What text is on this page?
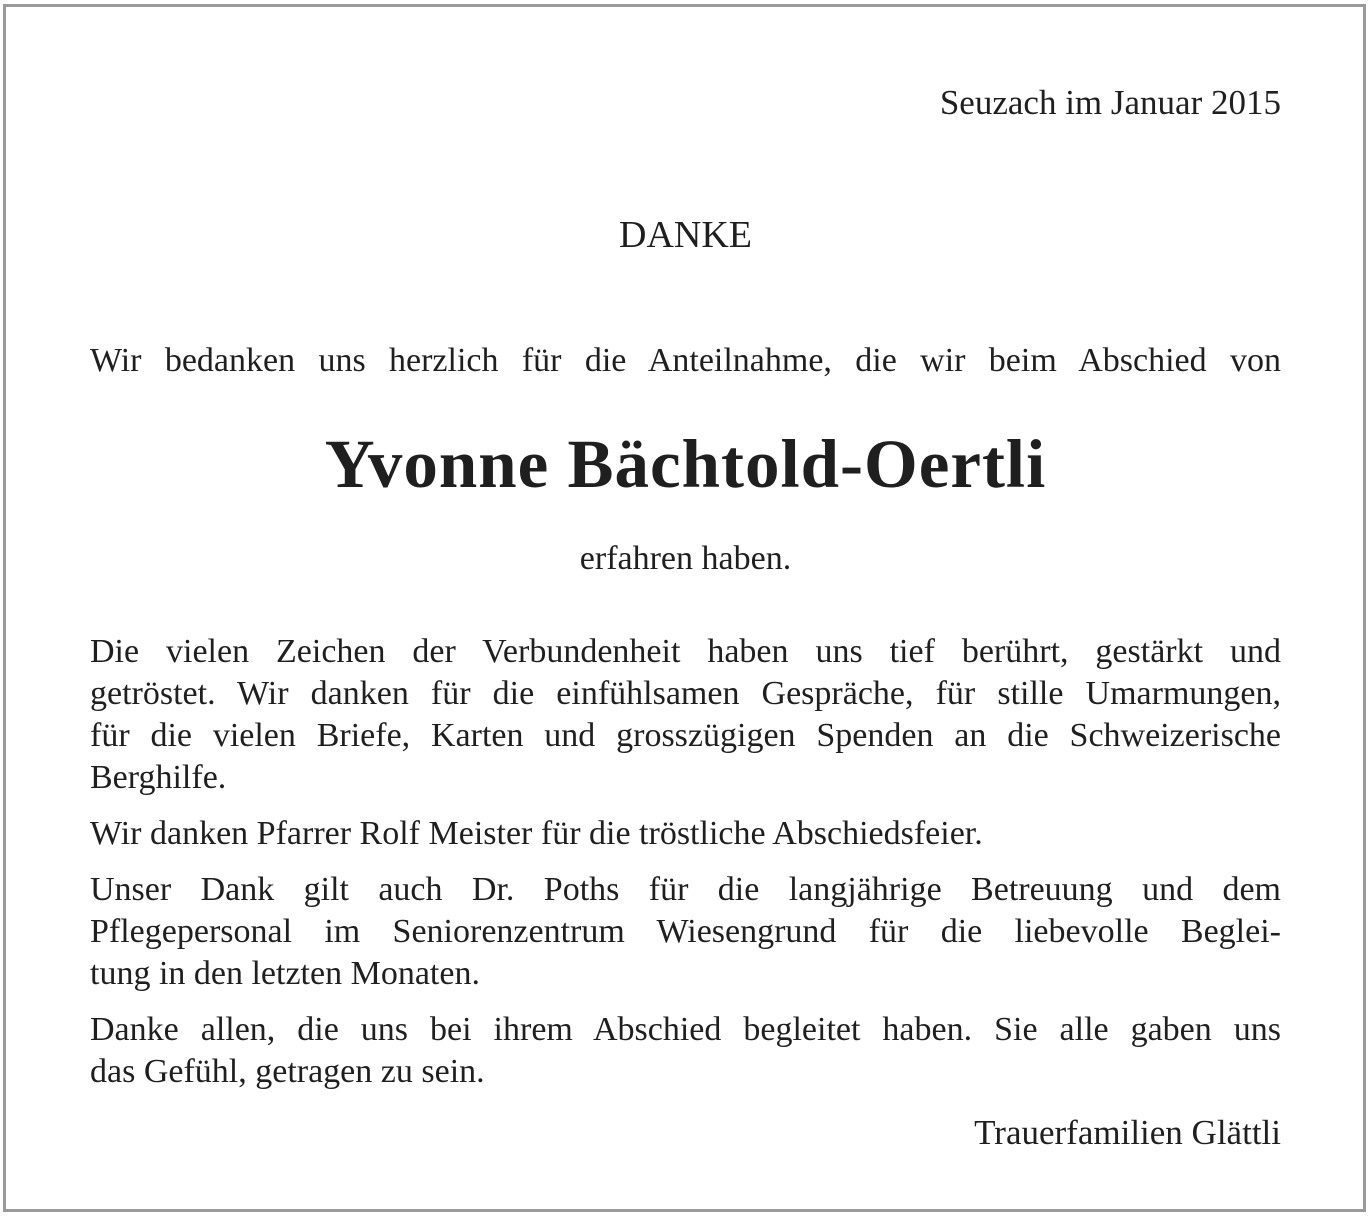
Seuzach im Januar 2015
DANKE
Wir bedanken uns herzlich für die Anteilnahme, die wir beim Abschied von
Yvonne Bächtold-Oertli
erfahren haben.

Die vielen Zeichen der Verbundenheit haben uns tief berührt, gestärkt und
getröstet. Wir danken für die einfühlsamen Gespräche, für stille Umarmungen,
für die vielen Briefe, Karten und grosszügigen Spenden an die Schweizerische
Berghilfe.

Wir danken Pfarrer Rolf Meister für die tröstliche Abschiedsfeier.

Unser Dank gilt auch Dr. Poths für die langjährige Betreuung und dem
Pflegepersonal im Seniorenzentrum Wiesengrund für die liebevolle Beglei-
tung in den letzten Monaten.

Danke allen, die uns bei ihrem Abschied begleitet haben. Sie alle gaben uns
das Gefühl, getragen zu sein.

Trauerfamilien Glättli
